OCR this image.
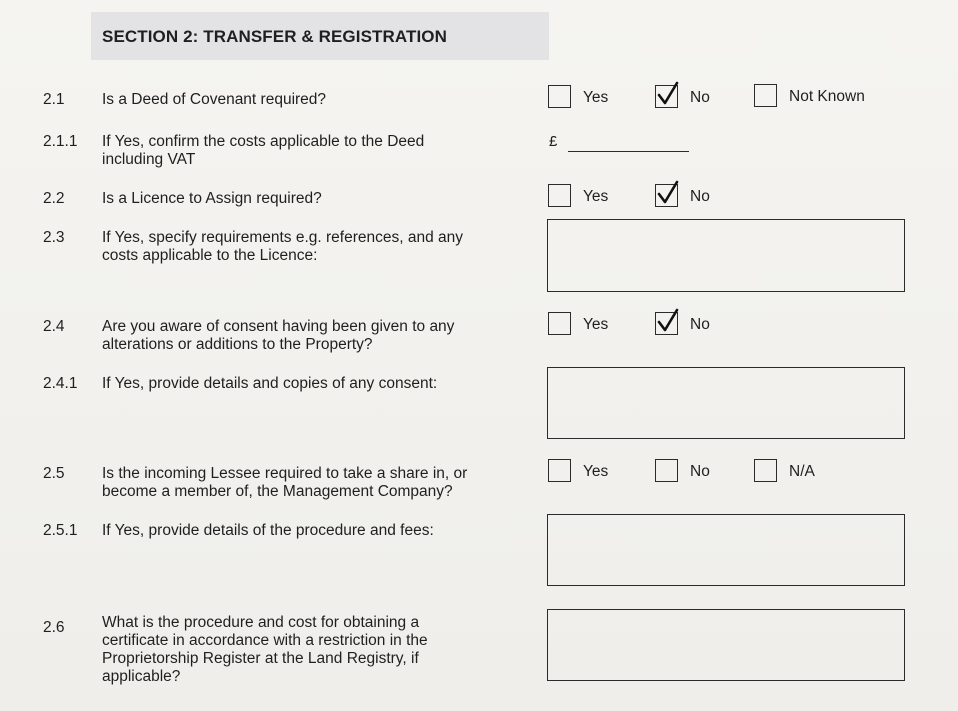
SECTION 2: TRANSFER & REGISTRATION
2.1 Is a Deed of Covenant required?	Yes	No	Not Known
2.1.1 If Yes, confirm the costs applicable to the Deed including VAT
£
2.2 Is a Licence to Assign required?	Yes	No
2.3 If Yes, specify requirements e.g. references, and any costs applicable to the Licence:
2.4 Are you aware of consent having been given to any alterations or additions to the Property?
Yes	No
2.4.1 If Yes, provide details and copies of any consent:
2.5 Is the incoming Lessee required to take a share in, or become a member of, the Management Company?
Yes	No	N/A
2.5.1 If Yes, provide details of the procedure and fees:
2.6 What is the procedure and cost for obtaining a certificate in accordance with a restriction in the Proprietorship Register at the Land Registry, if applicable?
